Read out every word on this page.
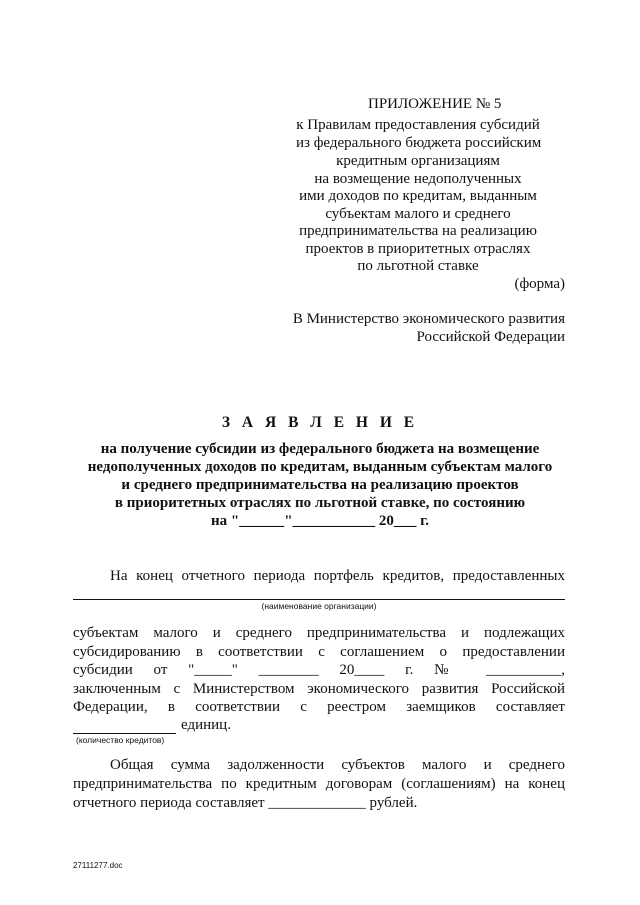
ПРИЛОЖЕНИЕ № 5
к Правилам предоставления субсидий
из федерального бюджета российским
кредитным организациям
на возмещение недополученных
ими доходов по кредитам, выданным
субъектам малого и среднего
предпринимательства на реализацию
проектов в приоритетных отраслях
по льготной ставке
(форма)
В Министерство экономического развития
Российской Федерации
З А Я В Л Е Н И Е
на получение субсидии из федерального бюджета на возмещение
недополученных доходов по кредитам, выданным субъектам малого
и среднего предпринимательства на реализацию проектов
в приоритетных отраслях по льготной ставке, по состоянию
на "______"___________ 20___ г.
На конец отчетного периода портфель кредитов, предоставленных
(наименование организации)
субъектам малого и среднего предпринимательства и подлежащих
субсидированию в соответствии с соглашением о предоставлении
субсидии от "_____" ________ 20____ г. № __________,
заключенным с Министерством экономического развития Российской
Федерации, в соответствии с реестром заемщиков составляет
единиц.
(количество кредитов)
Общая сумма задолженности субъектов малого и среднего
предпринимательства по кредитным договорам (соглашениям) на конец
отчетного периода составляет _____________ рублей.
27111277.doc
